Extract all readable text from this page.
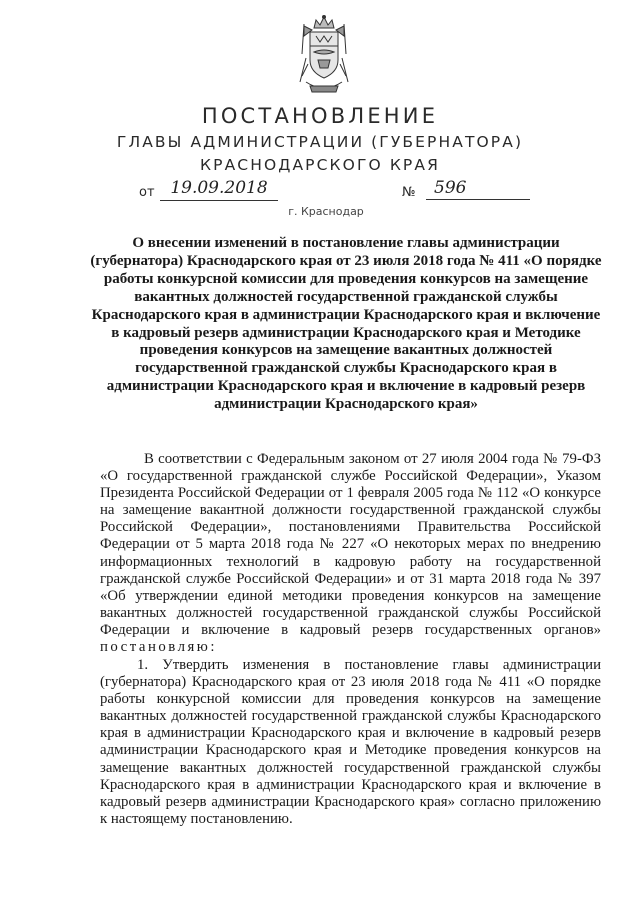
ПОСТАНОВЛЕНИЕ
ГЛАВЫ АДМИНИСТРАЦИИ (ГУБЕРНАТОРА)
КРАСНОДАРСКОГО КРАЯ
от 19.09.2018	№	596
г. Краснодар
О внесении изменений в постановление главы администрации (губернатора) Краснодарского края от 23 июля 2018 года № 411 «О порядке работы конкурсной комиссии для проведения конкурсов на замещение вакантных должностей государственной гражданской службы Краснодарского края в администрации Краснодарского края и включение в кадровый резерв администрации Краснодарского края и Методике проведения конкурсов на замещение вакантных должностей государственной гражданской службы Краснодарского края в администрации Краснодарского края и включение в кадровый резерв администрации Краснодарского края»
В соответствии с Федеральным законом от 27 июля 2004 года № 79-ФЗ «О государственной гражданской службе Российской Федерации», Указом Президента Российской Федерации от 1 февраля 2005 года № 112 «О конкурсе на замещение вакантной должности государственной гражданской службы Российской Федерации», постановлениями Правительства Российской Федерации от 5 марта 2018 года № 227 «О некоторых мерах по внедрению информационных технологий в кадровую работу на государственной гражданской службе Российской Федерации» и от 31 марта 2018 года № 397 «Об утверждении единой методики проведения конкурсов на замещение вакантных должностей государственной гражданской службы Российской Федерации и включение в кадровый резерв государственных органов» постановляю:
1. Утвердить изменения в постановление главы администрации (губернатора) Краснодарского края от 23 июля 2018 года № 411 «О порядке работы конкурсной комиссии для проведения конкурсов на замещение вакантных должностей государственной гражданской службы Краснодарского края в администрации Краснодарского края и включение в кадровый резерв администрации Краснодарского края и Методике проведения конкурсов на замещение вакантных должностей государственной гражданской службы Краснодарского края в администрации Краснодарского края и включение в кадровый резерв администрации Краснодарского края» согласно приложению к настоящему постановлению.
